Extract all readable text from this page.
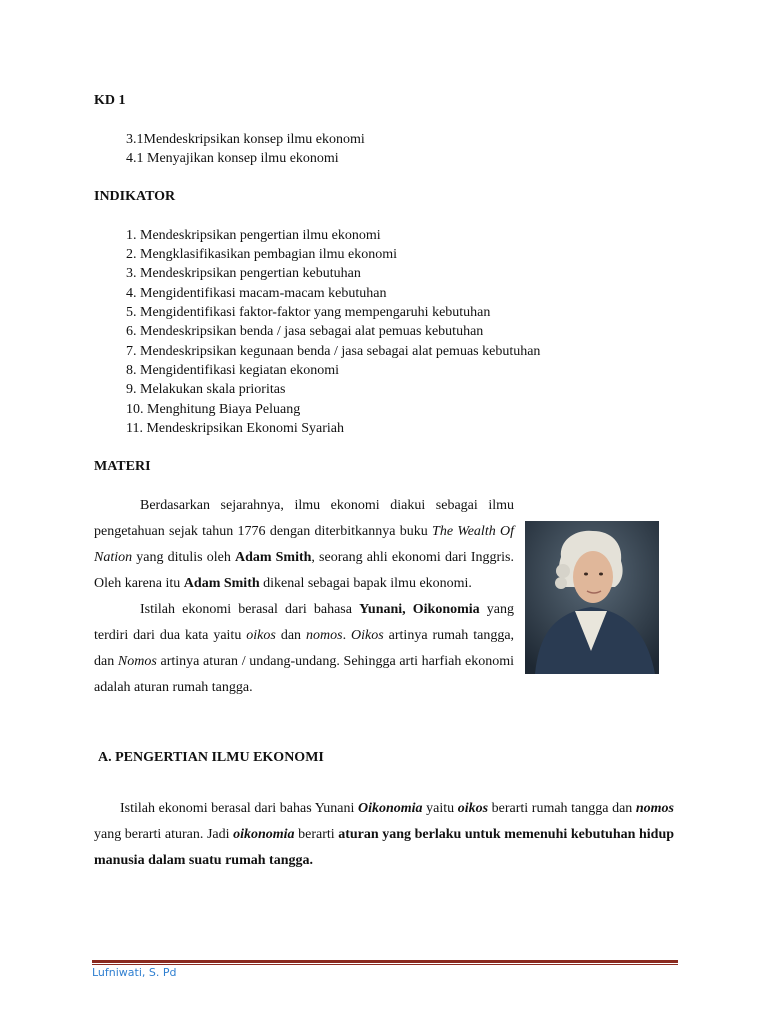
KD 1
3.1Mendeskripsikan konsep ilmu ekonomi
4.1 Menyajikan konsep ilmu ekonomi
INDIKATOR
1. Mendeskripsikan pengertian ilmu ekonomi
2. Mengklasifikasikan pembagian ilmu ekonomi
3. Mendeskripsikan pengertian kebutuhan
4. Mengidentifikasi macam-macam kebutuhan
5. Mengidentifikasi faktor-faktor yang mempengaruhi kebutuhan
6. Mendeskripsikan benda / jasa sebagai alat pemuas kebutuhan
7. Mendeskripsikan kegunaan benda / jasa sebagai alat pemuas kebutuhan
8. Mengidentifikasi kegiatan ekonomi
9. Melakukan skala prioritas
10. Menghitung Biaya Peluang
11. Mendeskripsikan Ekonomi Syariah
MATERI

Berdasarkan sejarahnya, ilmu ekonomi diakui sebagai ilmu pengetahuan sejak tahun 1776 dengan diterbitkannya buku The Wealth Of Nation yang ditulis oleh Adam Smith, seorang ahli ekonomi dari Inggris. Oleh karena itu Adam Smith dikenal sebagai bapak ilmu ekonomi.

Istilah ekonomi berasal dari bahasa Yunani, Oikonomia yang terdiri dari dua kata yaitu oikos dan nomos. Oikos artinya rumah tangga, dan Nomos artinya aturan / undang-undang. Sehingga arti harfiah ekonomi adalah aturan rumah tangga.

A. PENGERTIAN ILMU EKONOMI

Istilah ekonomi berasal dari bahas Yunani Oikonomia yaitu oikos berarti rumah tangga dan nomos yang berarti aturan. Jadi oikonomia berarti aturan yang berlaku untuk memenuhi kebutuhan hidup manusia dalam suatu rumah tangga.

Lufniwati, S. Pd
